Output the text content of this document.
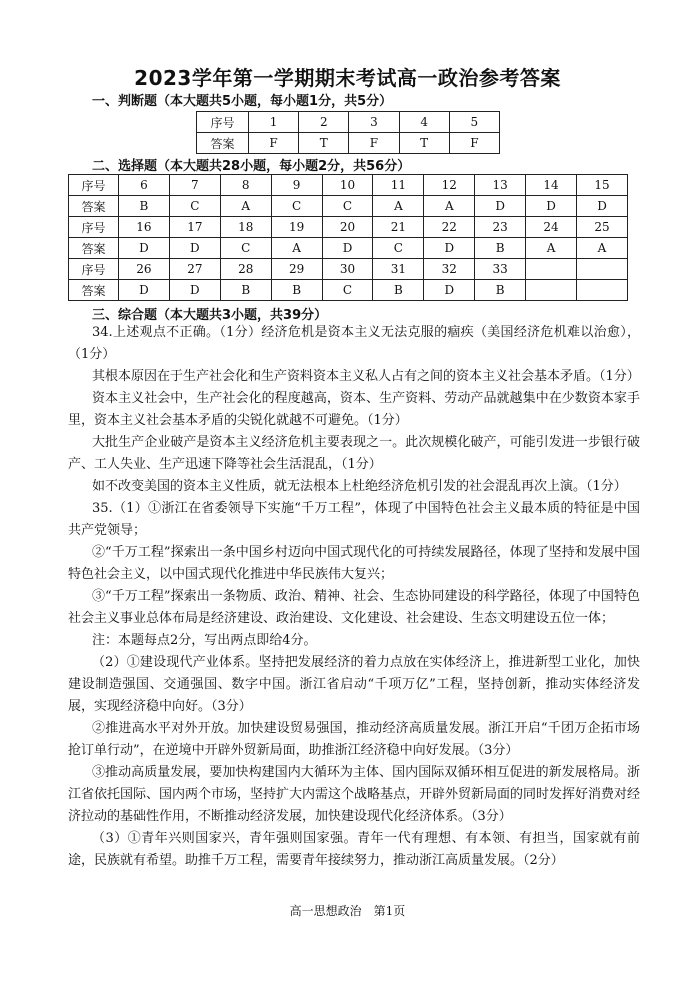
2023学年第一学期期末考试高一政治参考答案
一、判断题（本大题共5小题，每小题1分，共5分）
序号	1	2	3	4	5
答案	F	T	F	T	F
二、选择题（本大题共28小题，每小题2分，共56分）
序号	6	7	8	9	10	11	12	13	14	15
答案	B	C	A	C	C	A	A	D	D	D
序号	16	17	18	19	20	21	22	23	24	25
答案	D	D	C	A	D	C	D	B	A	A
序号	26	27	28	29	30	31	32	33		
答案	D	D	B	B	C	B	D	B		
三、综合题（本大题共3小题，共39分）

34.上述观点不正确。（1分）经济危机是资本主义无法克服的痼疾（美国经济危机难以治愈），（1分）

其根本原因在于生产社会化和生产资料资本主义私人占有之间的资本主义社会基本矛盾。（1分）

资本主义社会中，生产社会化的程度越高，资本、生产资料、劳动产品就越集中在少数资本家手里，资本主义社会基本矛盾的尖锐化就越不可避免。（1分）

大批生产企业破产是资本主义经济危机主要表现之一。此次规模化破产，可能引发进一步银行破产、工人失业、生产迅速下降等社会生活混乱，（1分）

如不改变美国的资本主义性质，就无法根本上杜绝经济危机引发的社会混乱再次上演。（1分）

35.（1）①浙江在省委领导下实施“千万工程”，体现了中国特色社会主义最本质的特征是中国共产党领导；

②“千万工程”探索出一条中国乡村迈向中国式现代化的可持续发展路径，体现了坚持和发展中国特色社会主义，以中国式现代化推进中华民族伟大复兴；

③“千万工程”探索出一条物质、政治、精神、社会、生态协同建设的科学路径，体现了中国特色社会主义事业总体布局是经济建设、政治建设、文化建设、社会建设、生态文明建设五位一体；

注：本题每点2分，写出两点即给4分。

（2）①建设现代产业体系。坚持把发展经济的着力点放在实体经济上，推进新型工业化，加快建设制造强国、交通强国、数字中国。浙江省启动“千项万亿”工程，坚持创新，推动实体经济发展，实现经济稳中向好。（3分）

②推进高水平对外开放。加快建设贸易强国，推动经济高质量发展。浙江开启“千团万企拓市场抢订单行动”，在逆境中开辟外贸新局面，助推浙江经济稳中向好发展。（3分）

③推动高质量发展，要加快构建国内大循环为主体、国内国际双循环相互促进的新发展格局。浙江省依托国际、国内两个市场，坚持扩大内需这个战略基点，开辟外贸新局面的同时发挥好消费对经济拉动的基础性作用，不断推动经济发展，加快建设现代化经济体系。（3分）

（3）①青年兴则国家兴，青年强则国家强。青年一代有理想、有本领、有担当，国家就有前途，民族就有希望。助推千万工程，需要青年接续努力，推动浙江高质量发展。（2分）

高一思想政治　第1页
